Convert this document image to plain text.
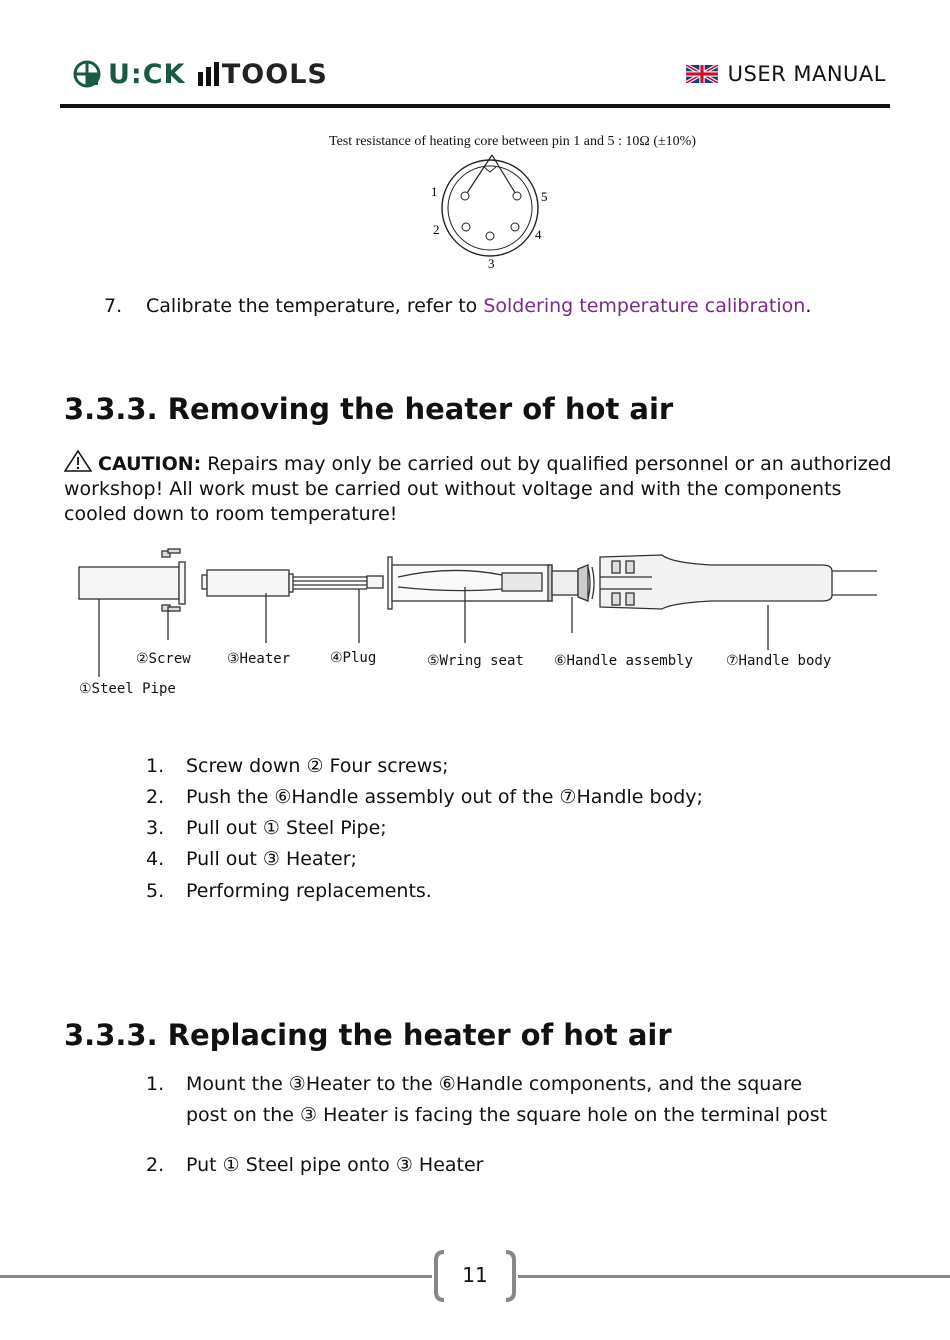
U:CK TOOLS	USER MANUAL
Test resistance of heating core between pin 1 and 5 : 10Ω (±10%)
1	5
2	4
3
7. Calibrate the temperature, refer to Soldering temperature calibration.
3.3.3. Removing the heater of hot air
CAUTION: Repairs may only be carried out by qualified personnel or an authorized workshop! All work must be carried out without voltage and with the components cooled down to room temperature!
②Screw	③Heater	④Plug	⑤Wring seat ⑥Handle assembly ⑦Handle body
①Steel Pipe
1. Screw down ② Four screws;
2. Push the ⑥Handle assembly out of the ⑦Handle body;
3. Pull out ① Steel Pipe;
4. Pull out ③ Heater;
5. Performing replacements.
3.3.3. Replacing the heater of hot air
1. Mount the ③Heater to the ⑥Handle components, and the square
post on the ③ Heater is facing the square hole on the terminal post
2. Put ① Steel pipe onto ③ Heater
11
